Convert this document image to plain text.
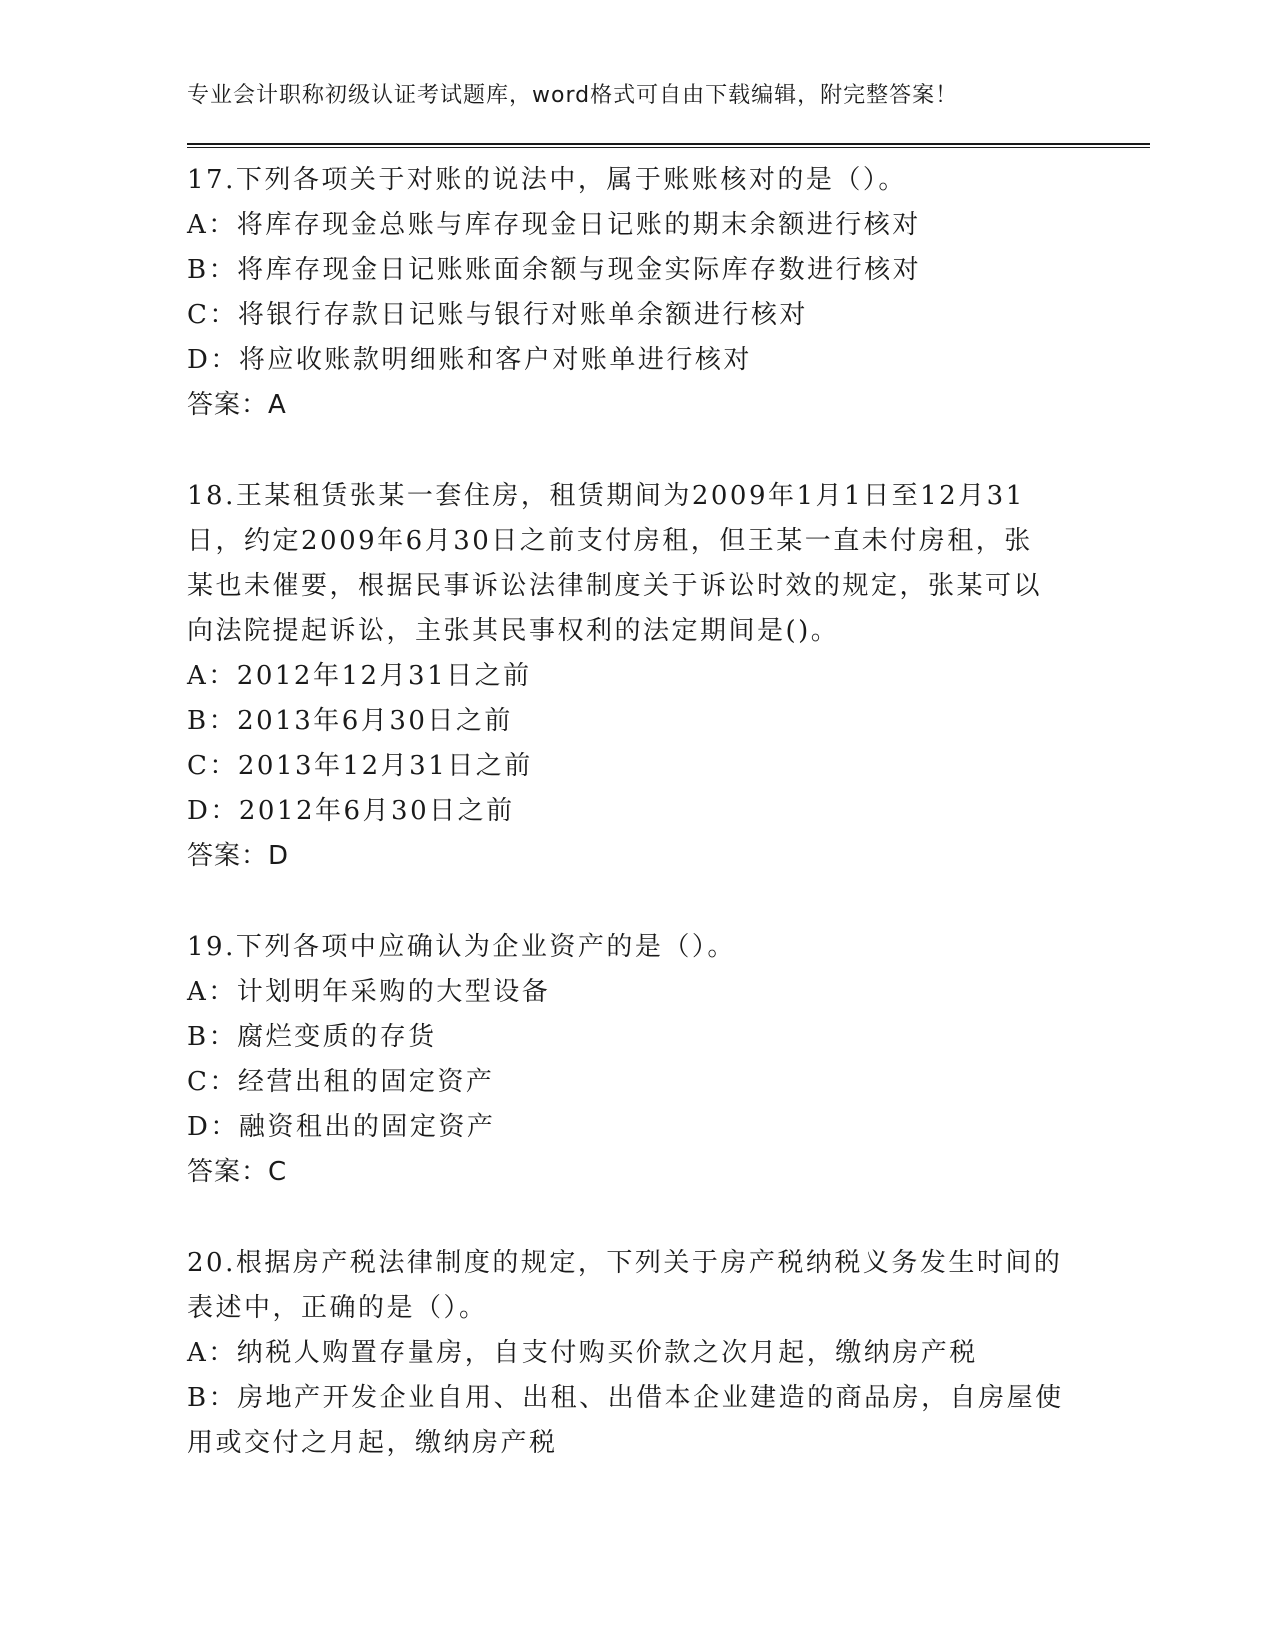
专业会计职称初级认证考试题库，word格式可自由下载编辑，附完整答案！
17.下列各项关于对账的说法中，属于账账核对的是（）。
A：将库存现金总账与库存现金日记账的期末余额进行核对
B：将库存现金日记账账面余额与现金实际库存数进行核对
C：将银行存款日记账与银行对账单余额进行核对
D：将应收账款明细账和客户对账单进行核对
答案：A
18.王某租赁张某一套住房，租赁期间为2009年1月1日至12月31
日，约定2009年6月30日之前支付房租，但王某一直未付房租，张
某也未催要，根据民事诉讼法律制度关于诉讼时效的规定，张某可以
向法院提起诉讼，主张其民事权利的法定期间是()。
A：2012年12月31日之前
B：2013年6月30日之前
C：2013年12月31日之前
D：2012年6月30日之前
答案：D
19.下列各项中应确认为企业资产的是（）。
A：计划明年采购的大型设备
B：腐烂变质的存货
C：经营出租的固定资产
D：融资租出的固定资产
答案：C
20.根据房产税法律制度的规定，下列关于房产税纳税义务发生时间的
表述中，正确的是（）。
A：纳税人购置存量房，自支付购买价款之次月起，缴纳房产税
B：房地产开发企业自用、出租、出借本企业建造的商品房，自房屋使
用或交付之月起，缴纳房产税
